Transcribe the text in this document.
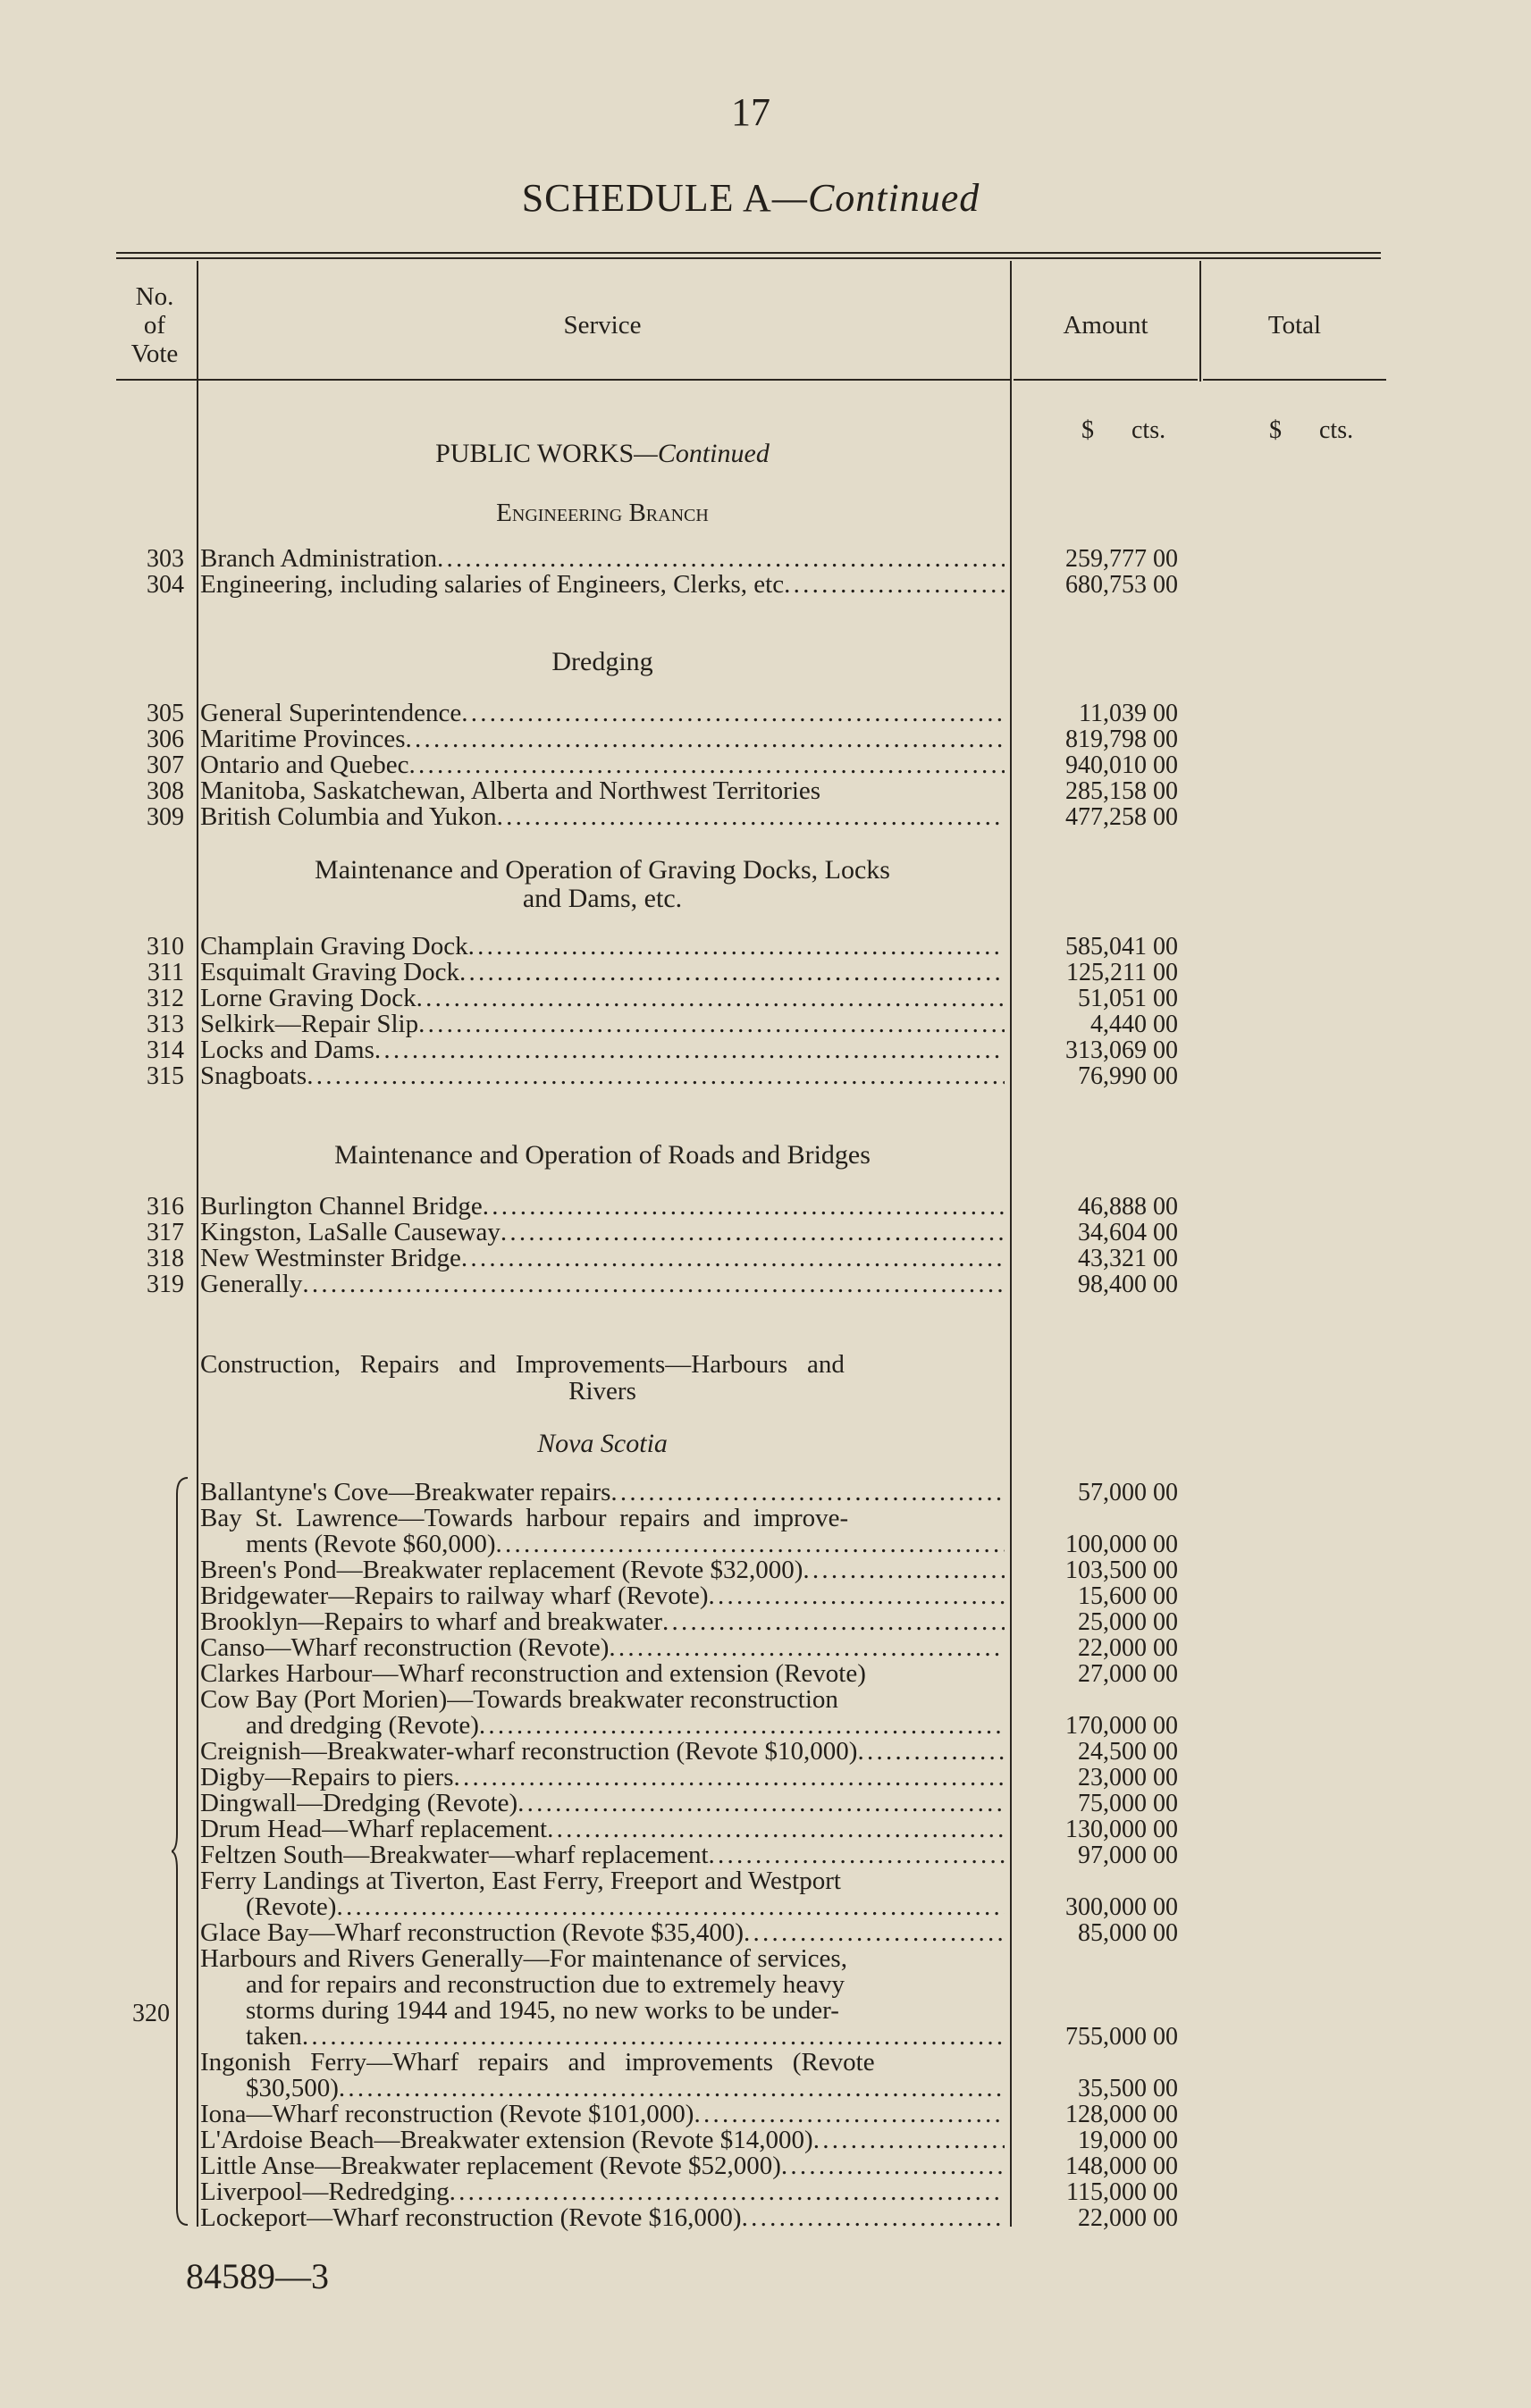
17
SCHEDULE A—Continued
No.
of
Vote
Service	Amount	Total
$      cts.	$      cts.
PUBLIC WORKS—Continued
Engineering Branch
303 Branch Administration . . .	259,777 00
304 Engineering, including salaries of Engineers, Clerks, etc . . .	680,753 00
Dredging
305 General Superintendence . . .	11,039 00
306 Maritime Provinces . . .	819,798 00
307 Ontario and Quebec . . .	940,010 00
308 Manitoba, Saskatchewan, Alberta and Northwest Territories	285,158 00
309 British Columbia and Yukon . . .	477,258 00
Maintenance and Operation of Graving Docks, Locks
and Dams, etc.
310 Champlain Graving Dock . . .	585,041 00
311 Esquimalt Graving Dock . . .	125,211 00
312 Lorne Graving Dock . . .	51,051 00
313 Selkirk—Repair Slip . . .	4,440 00
314 Locks and Dams . . .	313,069 00
315 Snagboats . . .	76,990 00
Maintenance and Operation of Roads and Bridges
316 Burlington Channel Bridge . . .	46,888 00
317 Kingston, LaSalle Causeway . . .	34,604 00
318 New Westminster Bridge . . .	43,321 00
319 Generally . . .	98,400 00
Construction,   Repairs   and   Improvements—Harbours   and
Rivers
Nova Scotia
320
Ballantyne's Cove—Breakwater repairs . . .	57,000 00
Bay  St.  Lawrence—Towards  harbour  repairs  and  improve-
ments (Revote $60,000) . . .	100,000 00
Breen's Pond—Breakwater replacement (Revote $32,000) . . .	103,500 00
Bridgewater—Repairs to railway wharf (Revote) . . .	15,600 00
Brooklyn—Repairs to wharf and breakwater . . .	25,000 00
Canso—Wharf reconstruction (Revote) . . .	22,000 00
Clarkes Harbour—Wharf reconstruction and extension (Revote)	27,000 00
Cow Bay (Port Morien)—Towards breakwater reconstruction
and dredging (Revote) . . .	170,000 00
Creignish—Breakwater-wharf reconstruction (Revote $10,000) . . .	24,500 00
Digby—Repairs to piers . . .	23,000 00
Dingwall—Dredging (Revote) . . .	75,000 00
Drum Head—Wharf replacement . . .	130,000 00
Feltzen South—Breakwater—wharf replacement . . .	97,000 00
Ferry Landings at Tiverton, East Ferry, Freeport and Westport
(Revote) . . .	300,000 00
Glace Bay—Wharf reconstruction (Revote $35,400) . . .	85,000 00
Harbours and Rivers Generally—For maintenance of services,
and for repairs and reconstruction due to extremely heavy
storms during 1944 and 1945, no new works to be under-
taken . . .	755,000 00
Ingonish   Ferry—Wharf   repairs   and   improvements   (Revote
$30,500) . . .	35,500 00
Iona—Wharf reconstruction (Revote $101,000) . . .	128,000 00
L'Ardoise Beach—Breakwater extension (Revote $14,000) . . .	19,000 00
Little Anse—Breakwater replacement (Revote $52,000) . . .	148,000 00
Liverpool—Redredging . . .	115,000 00
Lockeport—Wharf reconstruction (Revote $16,000) . . .	22,000 00
84589—3
